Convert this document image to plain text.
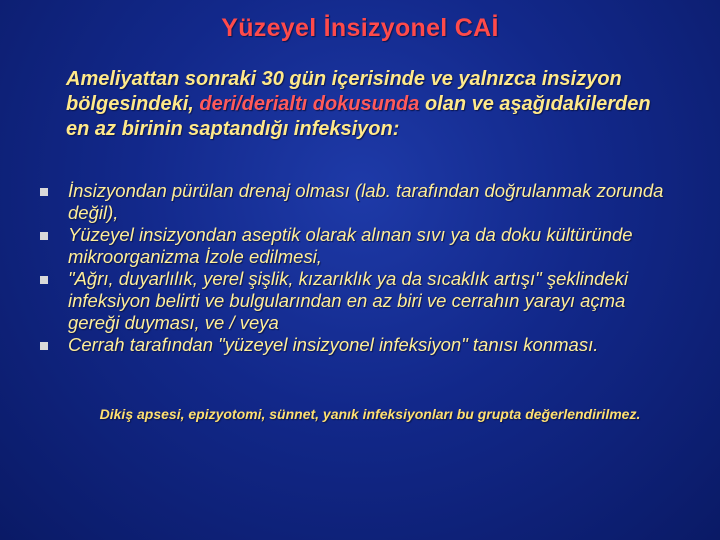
Yüzeyel İnsizyonel CAİ
Ameliyattan sonraki 30 gün içerisinde ve yalnızca insizyon bölgesindeki, deri/derialtı dokusunda olan ve aşağıdakilerden en az birinin saptandığı infeksiyon:
İnsizyondan pürülan drenaj olması (lab. tarafından doğrulanmak zorunda değil),
Yüzeyel insizyondan aseptik olarak alınan sıvı ya da doku kültüründe mikroorganizma İzole edilmesi,
"Ağrı, duyarlılık, yerel şişlik, kızarıklık ya da sıcaklık artışı" şeklindeki infeksiyon belirti ve bulgularından en az biri ve cerrahın yarayı açma gereği duyması, ve / veya
Cerrah tarafından "yüzeyel insizyonel infeksiyon" tanısı konması.
Dikiş apsesi, epizyotomi, sünnet, yanık infeksiyonları bu grupta değerlendirilmez.
